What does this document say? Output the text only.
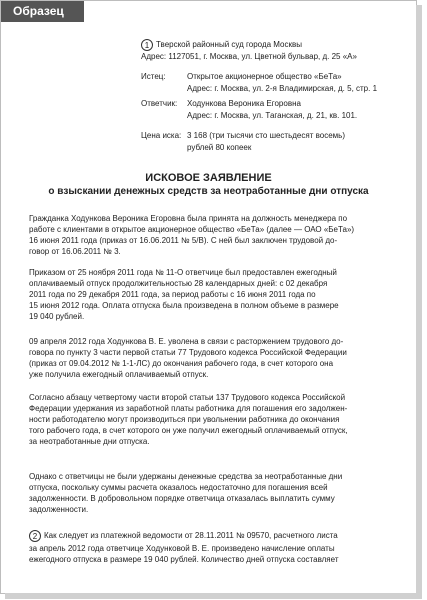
Образец
1 Тверской районный суд города Москвы
Адрес: 1127051, г. Москва, ул. Цветной бульвар, д. 25 «А»
Истец:	Открытое акционерное общество «БеТа»
Адрес: г. Москва, ул. 2-я Владимирская, д. 5, стр. 1
Ответчик: Ходункова Вероника Егоровна
Адрес: г. Москва, ул. Таганская, д. 21, кв. 101.
Цена иска: 3 168 (три тысячи сто шестьдесят восемь)
рублей 80 копеек
ИСКОВОЕ ЗАЯВЛЕНИЕ
о взыскании денежных средств за неотработанные дни отпуска
Гражданка Ходункова Вероника Егоровна была принята на должность менеджера по
работе с клиентами в открытое акционерное общество «БеТа» (далее — ОАО «БеТа»)
16 июня 2011 года (приказ от 16.06.2011 № 5/В). С ней был заключен трудовой до-
говор от 16.06.2011 № 3.
Приказом от 25 ноября 2011 года № 11-О ответчице был предоставлен ежегодный
оплачиваемый отпуск продолжительностью 28 календарных дней: с 02 декабря
2011 года по 29 декабря 2011 года, за период работы с 16 июня 2011 года по
15 июня 2012 года. Оплата отпуска была произведена в полном объеме в размере
19 040 рублей.
09 апреля 2012 года Ходункова В. Е. уволена в связи с расторжением трудового до-
говора по пункту 3 части первой статьи 77 Трудового кодекса Российской Федерации
(приказ от 09.04.2012 № 1-1-ЛС) до окончания рабочего года, в счет которого она
уже получила ежегодный оплачиваемый отпуск.
Согласно абзацу четвертому части второй статьи 137 Трудового кодекса Российской
Федерации удержания из заработной платы работника для погашения его задолжен-
ности работодателю могут производиться при увольнении работника до окончания
того рабочего года, в счет которого он уже получил ежегодный оплачиваемый отпуск,
за неотработанные дни отпуска.
Однако с ответчицы не были удержаны денежные средства за неотработанные дни
отпуска, поскольку суммы расчета оказалось недостаточно для погашения всей
задолженности. В добровольном порядке ответчица отказалась выплатить сумму
задолженности.
2 Как следует из платежной ведомости от 28.11.2011 № 09570, расчетного листа
за апрель 2012 года ответчице Ходунковой В. Е. произведено начисление оплаты
ежегодного отпуска в размере 19 040 рублей. Количество дней отпуска составляет
